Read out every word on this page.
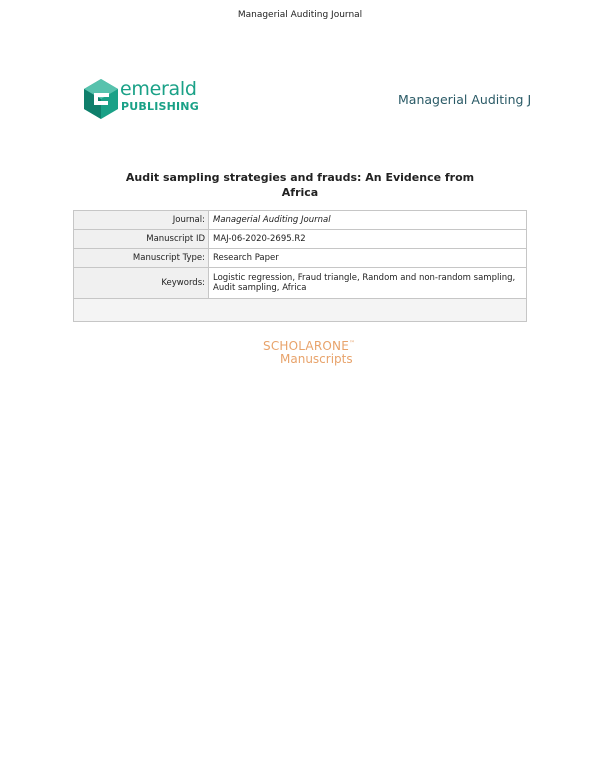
Managerial Auditing Journal
emerald
PUBLISHING	Managerial Auditing J
Audit sampling strategies and frauds: An Evidence from Africa
Journal:	Managerial Auditing Journal
Manuscript ID	MAJ-06-2020-2695.R2
Manuscript Type:	Research Paper
Keywords:	Logistic regression, Fraud triangle, Random and non-random sampling, Audit sampling, Africa

SCHOLARONE™
Manuscripts
